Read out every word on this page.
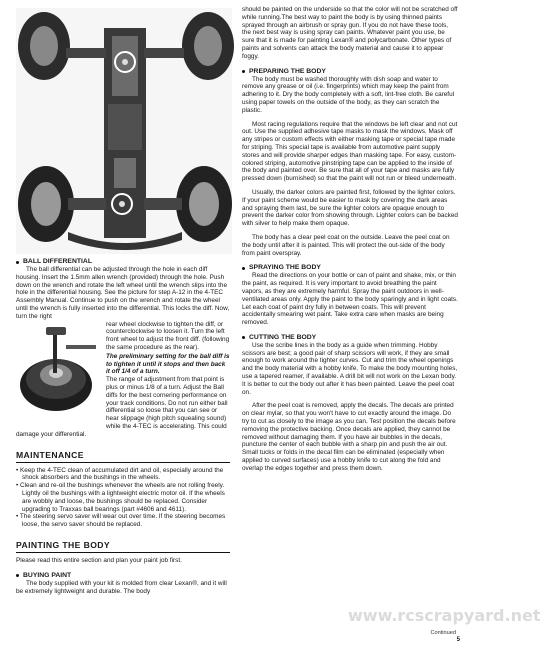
BALL DIFFERENTIAL

The ball differential can be adjusted through the hole in each diff housing. Insert the 1.5mm allen wrench (provided) through the hole. Push down on the wrench and rotate the left wheel until the wrench slips into the hole in the differential housing. See the picture for step A-12 in the 4-TEC Assembly Manual. Continue to push on the wrench and rotate the wheel until the wrench is fully inserted into the differential. This locks the diff. Now, turn the right

rear wheel clockwise to tighten the diff, or counterclockwise to loosen it. Turn the left front wheel to adjust the front diff. (following the same procedure as the rear).

The preliminary setting for the ball diff is to tighten it until it stops and then back it off 1/4 of a turn.

The range of adjustment from that point is plus or minus 1/8 of a turn. Adjust the Ball diffs for the best cornering performance on your track conditions. Do not run either ball differential so loose that you can see or hear slippage (high pitch squealing sound) while the 4-TEC is accelerating. This could damage your differential.

MAINTENANCE

• Keep the 4-TEC clean of accumulated dirt and oil, especially around the shock absorbers and the bushings in the wheels.

• Clean and re-oil the bushings whenever the wheels are not rolling freely. Lightly oil the bushings with a lightweight electric motor oil. If the wheels are wobbly and loose, the bushings should be replaced. Consider upgrading to Traxxas ball bearings (part #4606 and 4611).

• The steering servo saver will wear out over time. If the steering becomes loose, the servo saver should be replaced.

PAINTING THE BODY

Please read this entire section and plan your paint job first.

BUYING PAINT

The body supplied with your kit is molded from clear Lexan®, and it will be extremely lightweight and durable. The body

should be painted on the underside so that the color will not be scratched off while running.The best way to paint the body is by using thinned paints sprayed through an airbrush or spray gun. If you do not have these tools, the next best way is using spray can paints. Whatever paint you use, be sure that it is made for painting Lexan® and polycarbonate. Other types of paints and solvents can attack the body material and cause it to appear foggy.

PREPARING THE BODY

The body must be washed thoroughly with dish soap and water to remove any grease or oil (i.e. fingerprints) which may keep the paint from adhering to it. Dry the body completely with a soft, lint-free cloth. Be careful using paper towels on the outside of the body, as they can scratch the plastic.

Most racing regulations require that the windows be left clear and not cut out. Use the supplied adhesive tape masks to mask the windows. Mask off any stripes or custom effects with either masking tape or special tape made for striping. This special tape is available from automotive paint supply stores and will provide sharper edges than masking tape. For easy, custom-colored striping, automotive pinstriping tape can be applied to the inside of the body and painted over. Be sure that all of your tape and masks are fully pressed down (burnished) so that the paint will not run or bleed underneath.

Usually, the darker colors are painted first, followed by the lighter colors. If your paint scheme would be easier to mask by covering the dark areas and spraying them last, be sure the lighter colors are opaque enough to prevent the darker color from showing through. Lighter colors can be backed with silver to help make them opaque.

The body has a clear peel coat on the outside. Leave the peel coat on the body until after it is painted. This will protect the out-side of the body from paint overspray.

SPRAYING THE BODY

Read the directions on your bottle or can of paint and shake, mix, or thin the paint, as required. It is very important to avoid breathing the paint vapors, as they are extremely harmful. Spray the paint outdoors in well-ventilated areas only. Apply the paint to the body sparingly and in light coats. Let each coat of paint dry fully in between coats. This will prevent accidentally smearing wet paint. Take extra care when masks are being removed.

CUTTING THE BODY

Use the scribe lines in the body as a guide when trimming. Hobby scissors are best; a good pair of sharp scissors will work, if they are small enough to work around the tighter curves. Cut and trim the wheel openings and the body material with a hobby knife. To make the body mounting holes, use a tapered reamer, if available. A drill bit will not work on the Lexan body. It is better to cut the body out after it has been painted. Leave the peel coat on.

After the peel coat is removed, apply the decals. The decals are printed on clear mylar, so that you won't have to cut exactly around the image. Do try to cut as closely to the image as you can. Test position the decals before removing the protective backing. Once decals are applied, they cannot be removed without damaging them. If you have air bubbles in the decals, puncture the center of each bubble with a sharp pin and push the air out. Small tucks or folds in the decal film can be eliminated (especially when applied to curved surfaces) use a hobby knife to cut along the fold and overlap the edges together and press them down.

www.rcscrapyard.net
Continued
5
